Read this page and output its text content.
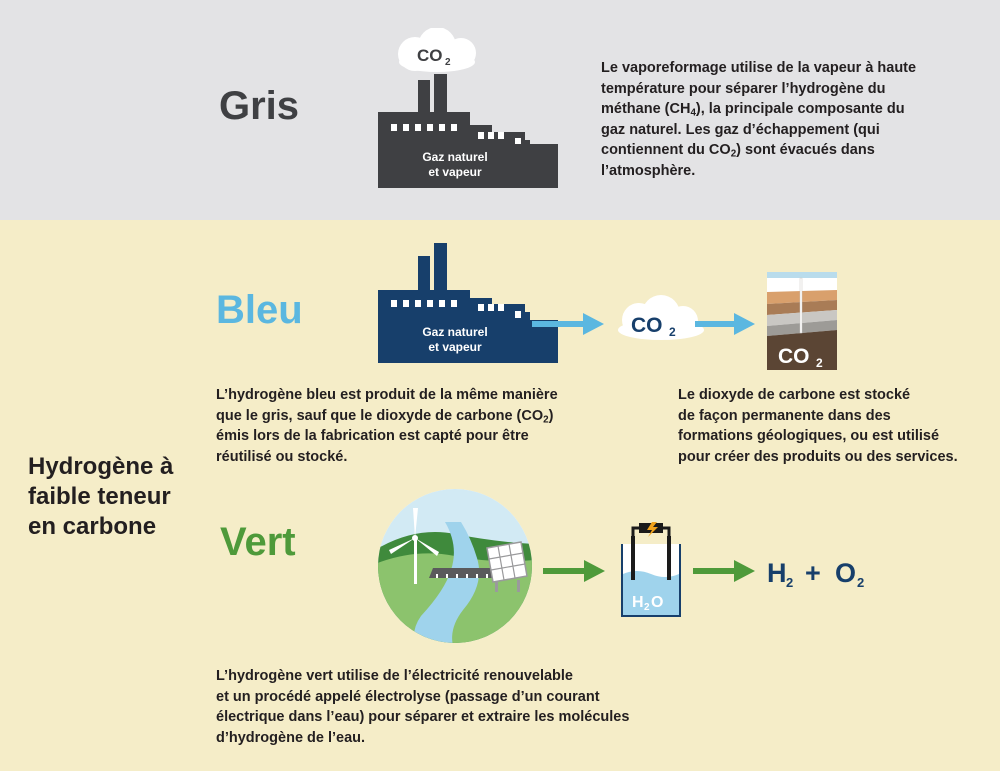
Gris
CO 2
Gaz naturel
et vapeur
Le vaporeformage utilise de la vapeur à haute
température pour séparer l’hydrogène du
méthane $(CH_4)$, la principale composante du
gaz naturel. Les gaz d’échappement (qui
contiennent du $CO_2$) sont évacués dans
l’atmosphère.
Hydrogène à
faible teneur
en carbone
Bleu	Gaz naturel
et vapeur
CO 2
CO 2
L’hydrogène bleu est produit de la même manière
que le gris, sauf que le dioxyde de carbone $(CO_2)$
émis lors de la fabrication est capté pour être
réutilisé ou stocké.
Le dioxyde de carbone est stocké
de façon permanente dans des
formations géologiques, ou est utilisé
pour créer des produits ou des services.
Vert
H 2 O
H 2 + O 2
L’hydrogène vert utilise de l’électricité renouvelable
et un procédé appelé électrolyse (passage d’un courant
électrique dans l’eau) pour séparer et extraire les molécules
d’hydrogène de l’eau.
